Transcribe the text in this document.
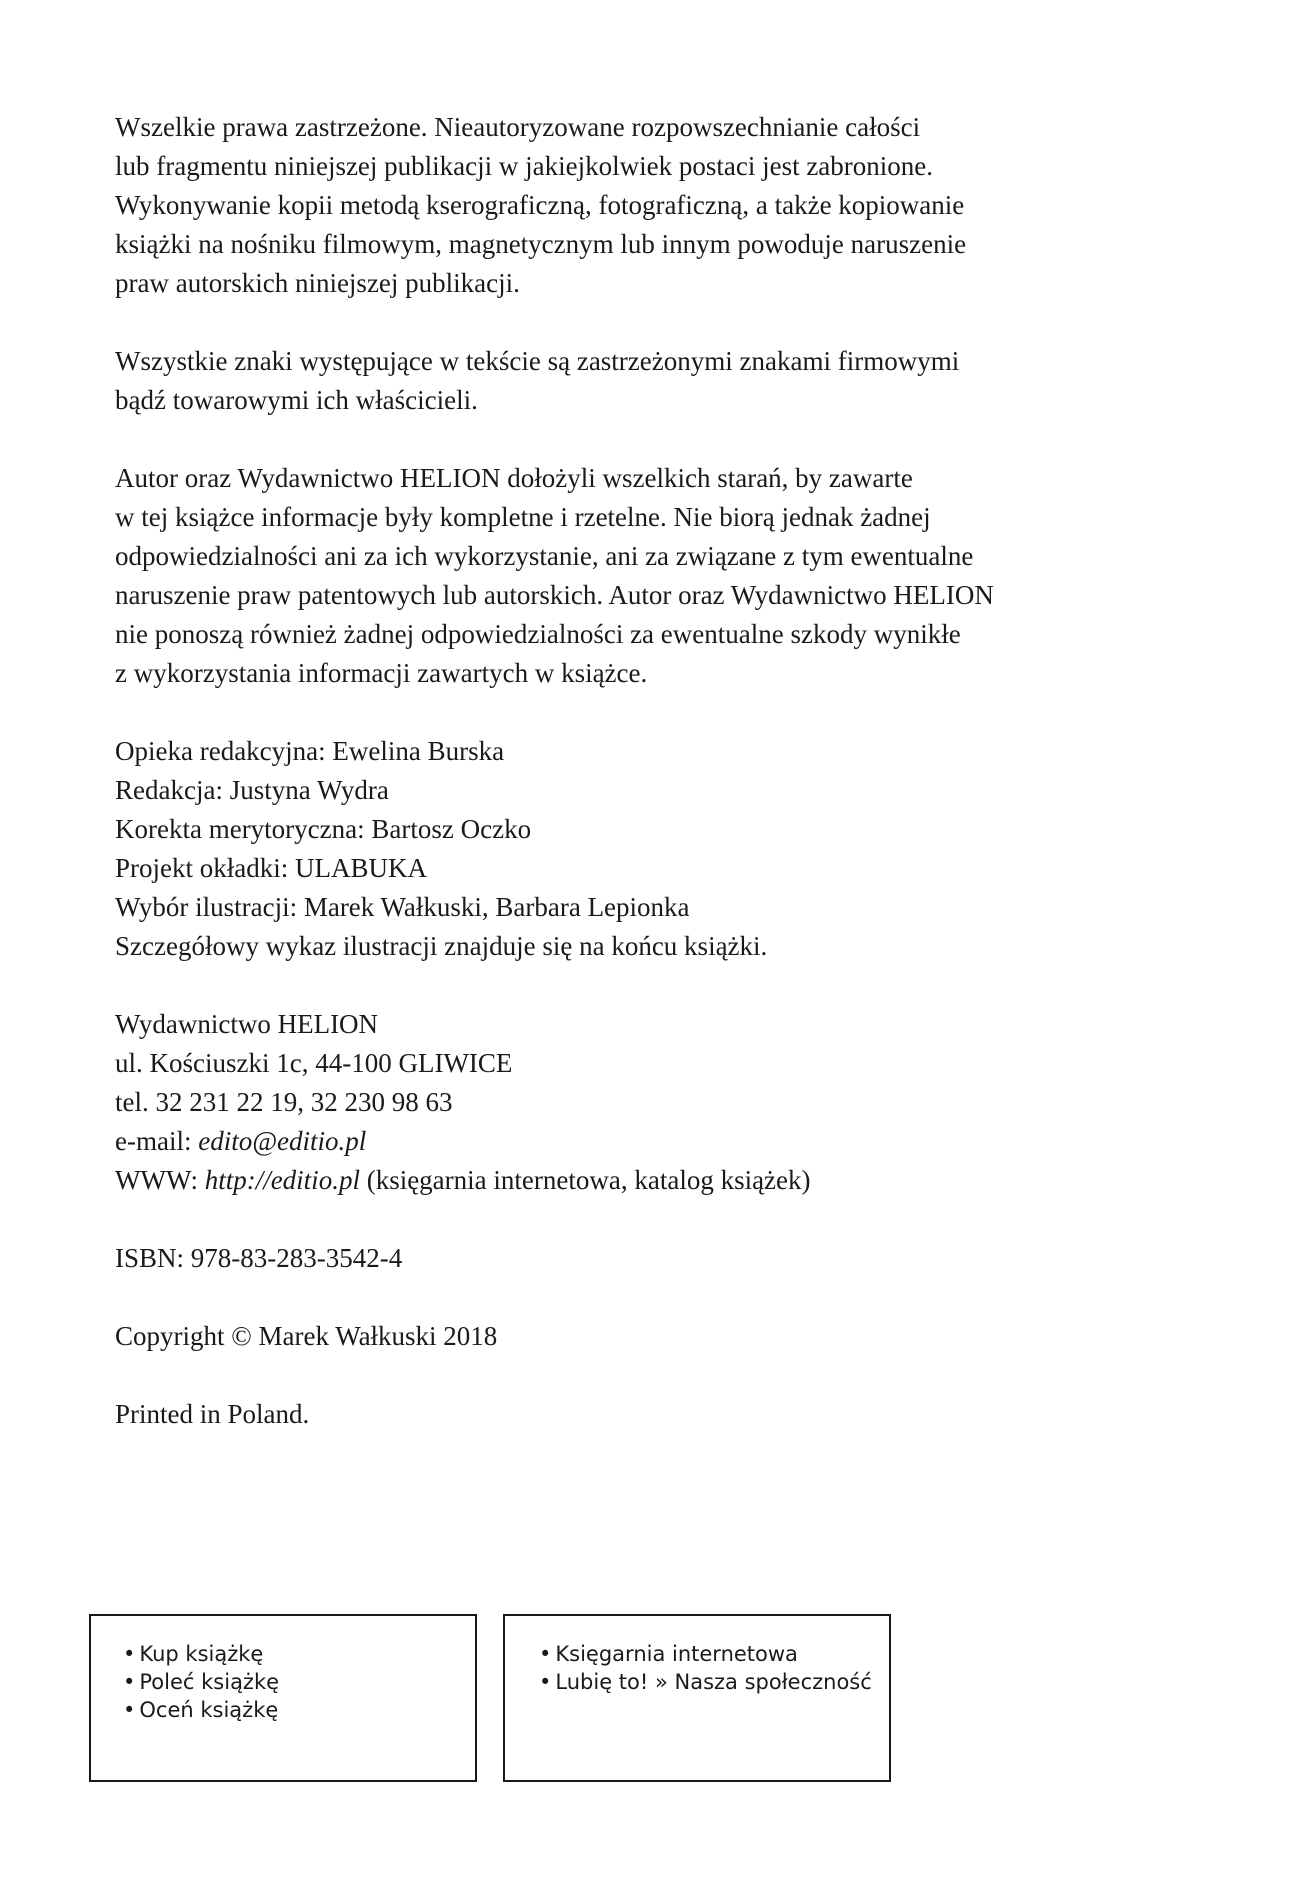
Wszelkie prawa zastrzeżone. Nieautoryzowane rozpowszechnianie całości
lub fragmentu niniejszej publikacji w jakiejkolwiek postaci jest zabronione.
Wykonywanie kopii metodą kserograficzną, fotograficzną, a także kopiowanie
książki na nośniku filmowym, magnetycznym lub innym powoduje naruszenie
praw autorskich niniejszej publikacji.

Wszystkie znaki występujące w tekście są zastrzeżonymi znakami firmowymi
bądź towarowymi ich właścicieli.

Autor oraz Wydawnictwo HELION dołożyli wszelkich starań, by zawarte
w tej książce informacje były kompletne i rzetelne. Nie biorą jednak żadnej
odpowiedzialności ani za ich wykorzystanie, ani za związane z tym ewentualne
naruszenie praw patentowych lub autorskich. Autor oraz Wydawnictwo HELION
nie ponoszą również żadnej odpowiedzialności za ewentualne szkody wynikłe
z wykorzystania informacji zawartych w książce.

Opieka redakcyjna: Ewelina Burska
Redakcja: Justyna Wydra
Korekta merytoryczna: Bartosz Oczko
Projekt okładki: ULABUKA
Wybór ilustracji: Marek Wałkuski, Barbara Lepionka
Szczegółowy wykaz ilustracji znajduje się na końcu książki.

Wydawnictwo HELION
ul. Kościuszki 1c, 44-100 GLIWICE
tel. 32 231 22 19, 32 230 98 63
e-mail: edito@editio.pl
WWW: http://editio.pl (księgarnia internetowa, katalog książek)

ISBN: 978-83-283-3542-4

Copyright © Marek Wałkuski 2018

Printed in Poland.

• Kup książkę
• Poleć książkę
• Oceń książkę
• Księgarnia internetowa
• Lubię to! » Nasza społeczność
